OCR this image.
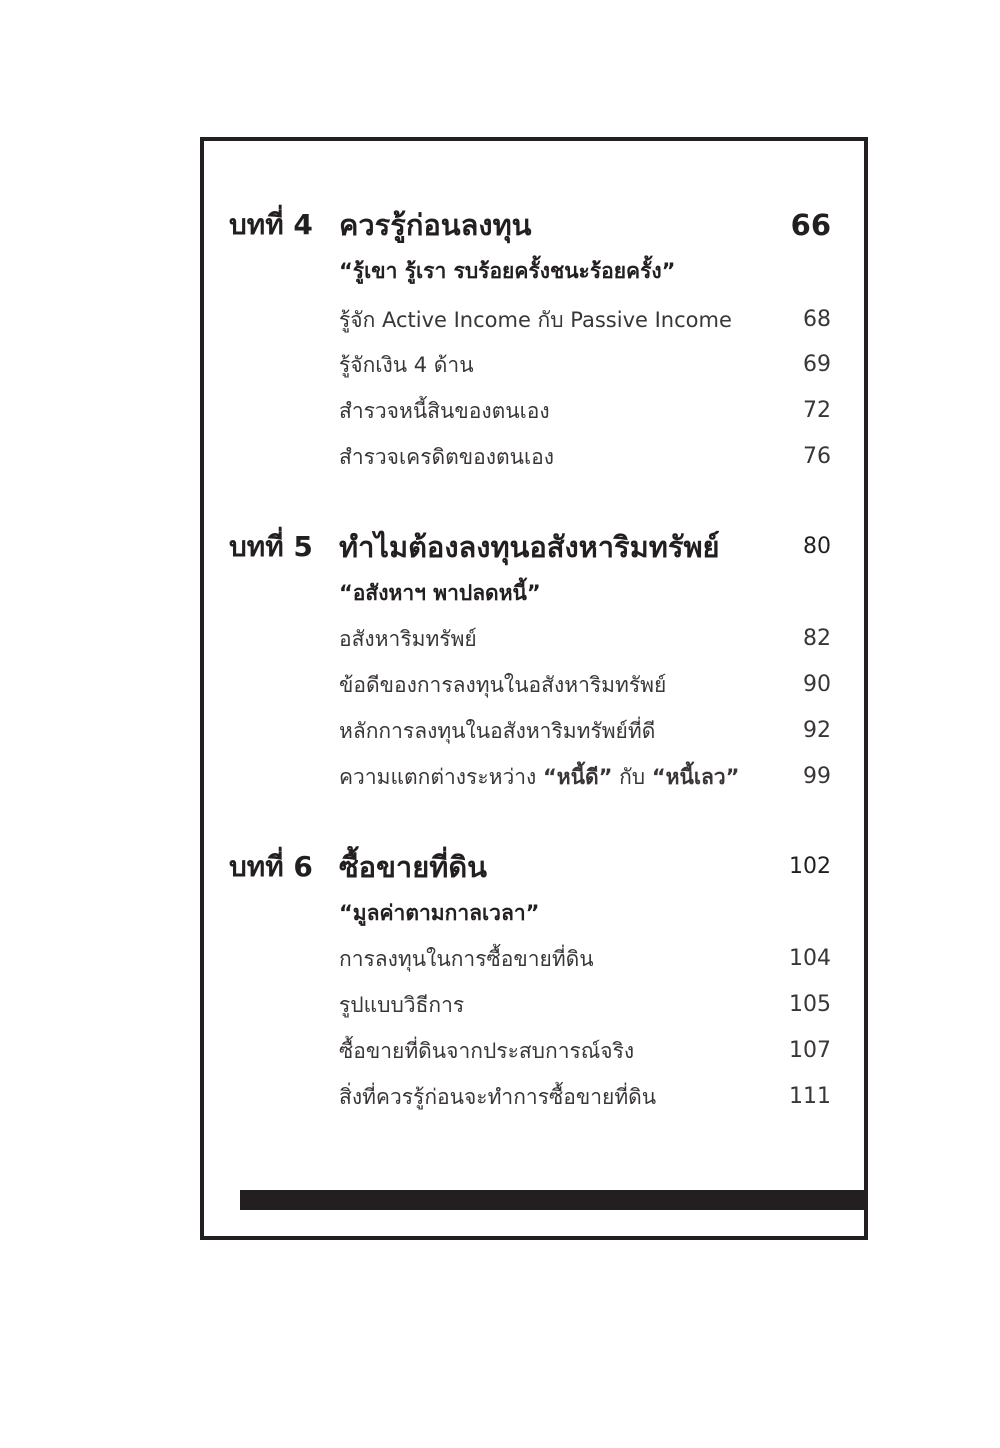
บทที่ 4 ควรรู้ก่อนลงทุน	66
“รู้เขา รู้เรา รบร้อยครั้งชนะร้อยครั้ง”
รู้จัก Active Income กับ Passive Income	68
รู้จักเงิน 4 ด้าน	69
สำรวจหนี้สินของตนเอง	72
สำรวจเครดิตของตนเอง	76
บทที่ 5 ทำไมต้องลงทุนอสังหาริมทรัพย์	80
“อสังหาฯ พาปลดหนี้”
อสังหาริมทรัพย์	82
ข้อดีของการลงทุนในอสังหาริมทรัพย์	90
หลักการลงทุนในอสังหาริมทรัพย์ที่ดี	92
ความแตกต่างระหว่าง “หนี้ดี” กับ “หนี้เลว”	99
บทที่ 6 ซื้อขายที่ดิน	102
“มูลค่าตามกาลเวลา”
การลงทุนในการซื้อขายที่ดิน	104
รูปแบบวิธีการ	105
ซื้อขายที่ดินจากประสบการณ์จริง	107
สิ่งที่ควรรู้ก่อนจะทำการซื้อขายที่ดิน	111
